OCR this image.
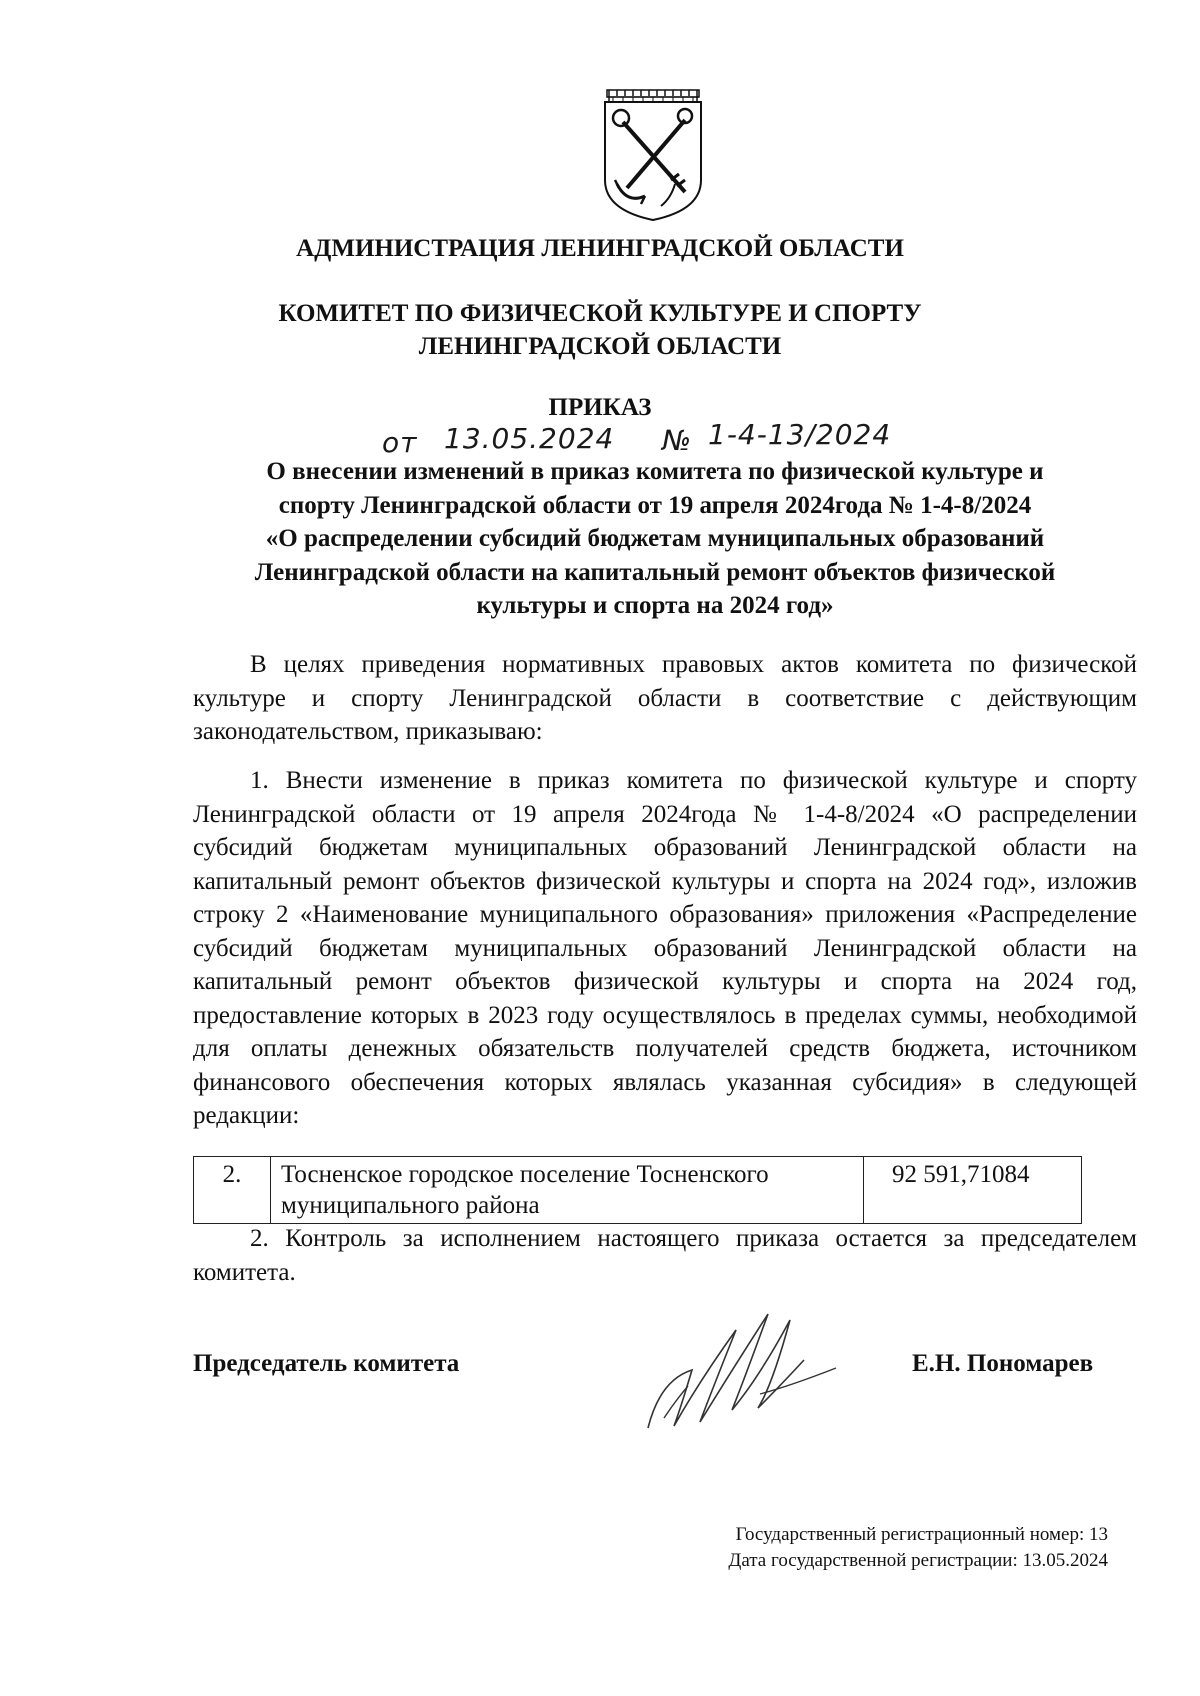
АДМИНИСТРАЦИЯ ЛЕНИНГРАДСКОЙ ОБЛАСТИ

КОМИТЕТ ПО ФИЗИЧЕСКОЙ КУЛЬТУРЕ И СПОРТУ
ЛЕНИНГРАДСКОЙ ОБЛАСТИ

ПРИКАЗ

от 13.05.2024 № 1-4-13/2024
О внесении изменений в приказ комитета по физической культуре и
спорту Ленинградской области от 19 апреля 2024года № 1-4-8/2024
«О распределении субсидий бюджетам муниципальных образований
Ленинградской области на капитальный ремонт объектов физической
культуры и спорта на 2024 год»

В целях приведения нормативных правовых актов комитета по физической культуре и спорту Ленинградской области в соответствие с действующим законодательством, приказываю:

1. Внести изменение в приказ комитета по физической культуре и спорту Ленинградской области от 19 апреля 2024года № 1-4-8/2024 «О распределении субсидий бюджетам муниципальных образований Ленинградской области на капитальный ремонт объектов физической культуры и спорта на 2024 год», изложив строку 2 «Наименование муниципального образования» приложения «Распределение субсидий бюджетам муниципальных образований Ленинградской области на капитальный ремонт объектов физической культуры и спорта на 2024 год, предоставление которых в 2023 году осуществлялось в пределах суммы, необходимой для оплаты денежных обязательств получателей средств бюджета, источником финансового обеспечения которых являлась указанная субсидия» в следующей редакции:

2.	Тосненское городское поселение Тосненского муниципального района	92 591,71084

2. Контроль за исполнением настоящего приказа остается за председателем комитета.

Председатель комитета	Е.Н. Пономарев

Государственный регистрационный номер: 13

Дата государственной регистрации: 13.05.2024
